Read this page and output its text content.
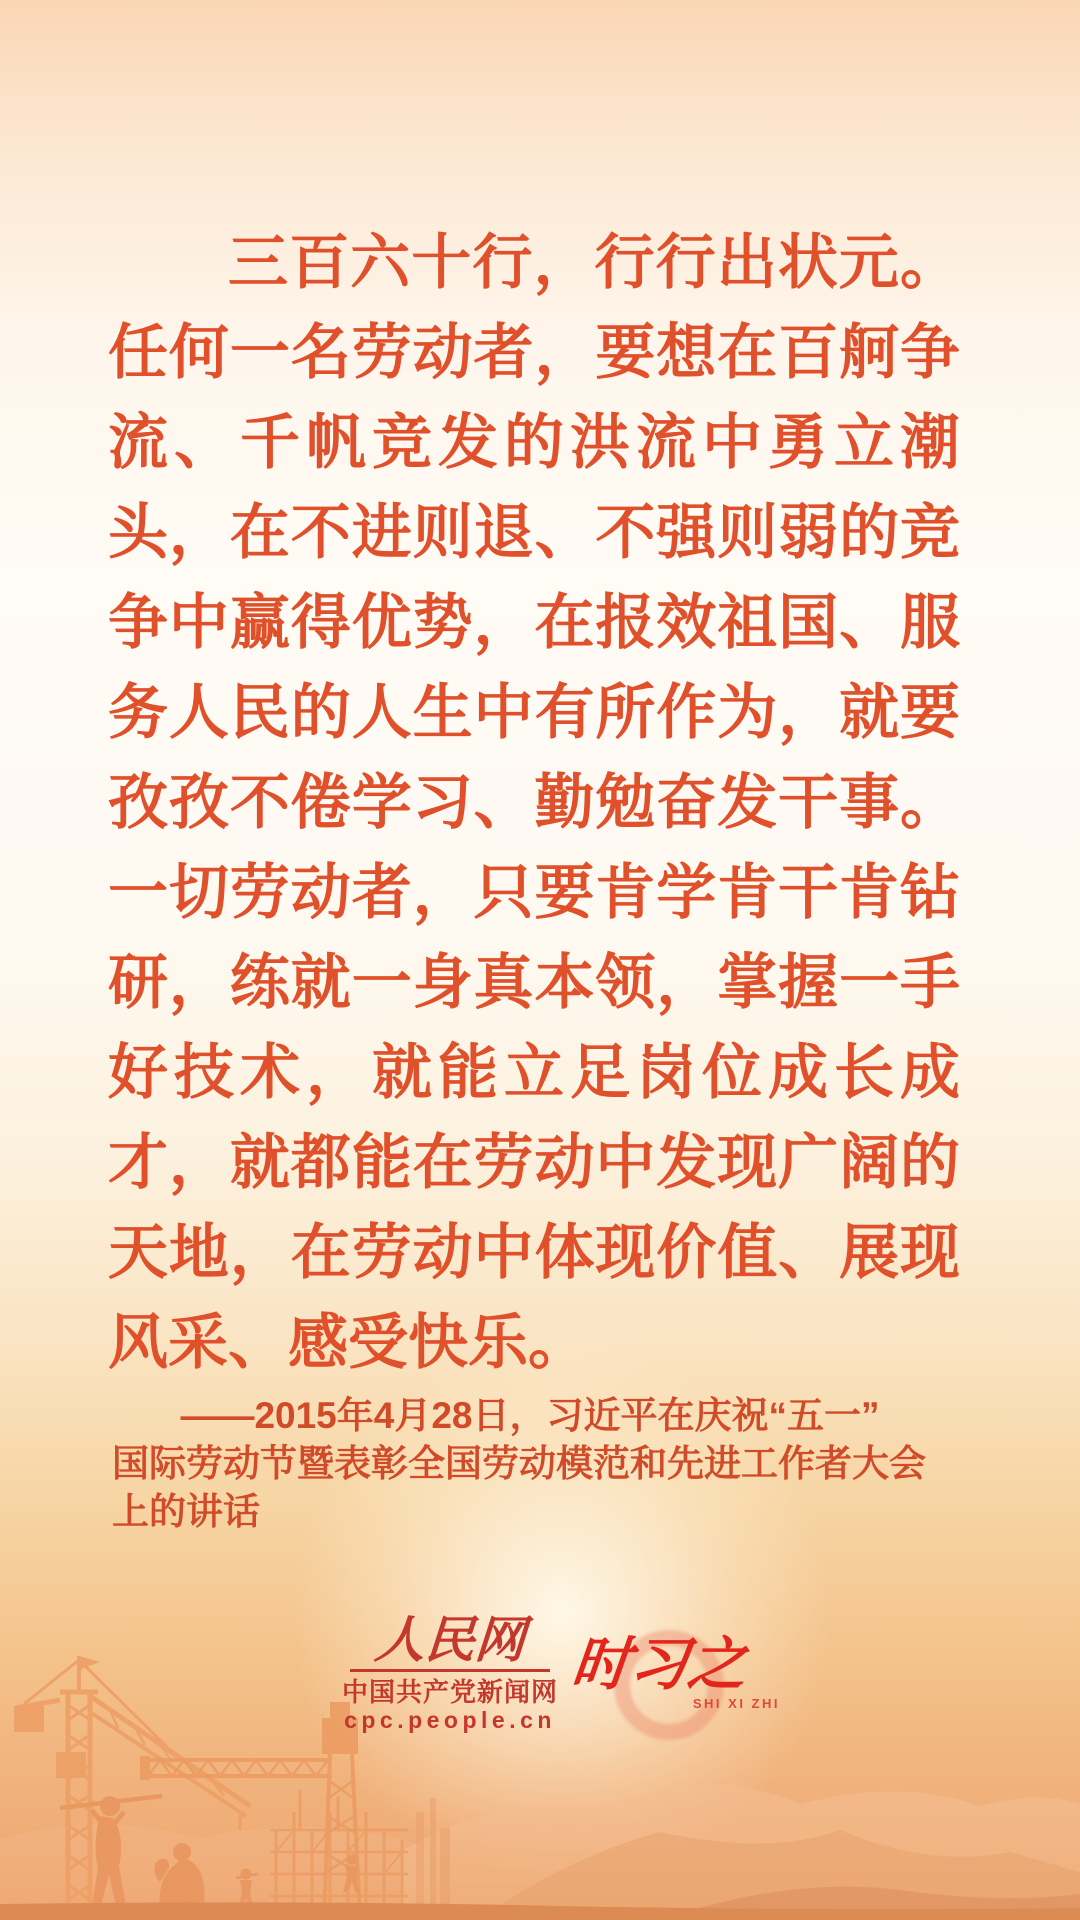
三百六十行，行行出状元。
任何一名劳动者，要想在百舸争
流、千帆竞发的洪流中勇立潮
头，在不进则退、不强则弱的竞
争中赢得优势，在报效祖国、服
务人民的人生中有所作为，就要
孜孜不倦学习、勤勉奋发干事。
一切劳动者，只要肯学肯干肯钻
研，练就一身真本领，掌握一手
好技术，就能立足岗位成长成
才，就都能在劳动中发现广阔的
天地，在劳动中体现价值、展现
风采、感受快乐。
——2015年4月28日，习近平在庆祝“五一”
国际劳动节暨表彰全国劳动模范和先进工作者大会
上的讲话
人民网
中国共产党新闻网
cpc.people.cn
时习之
SHI XI ZHI
